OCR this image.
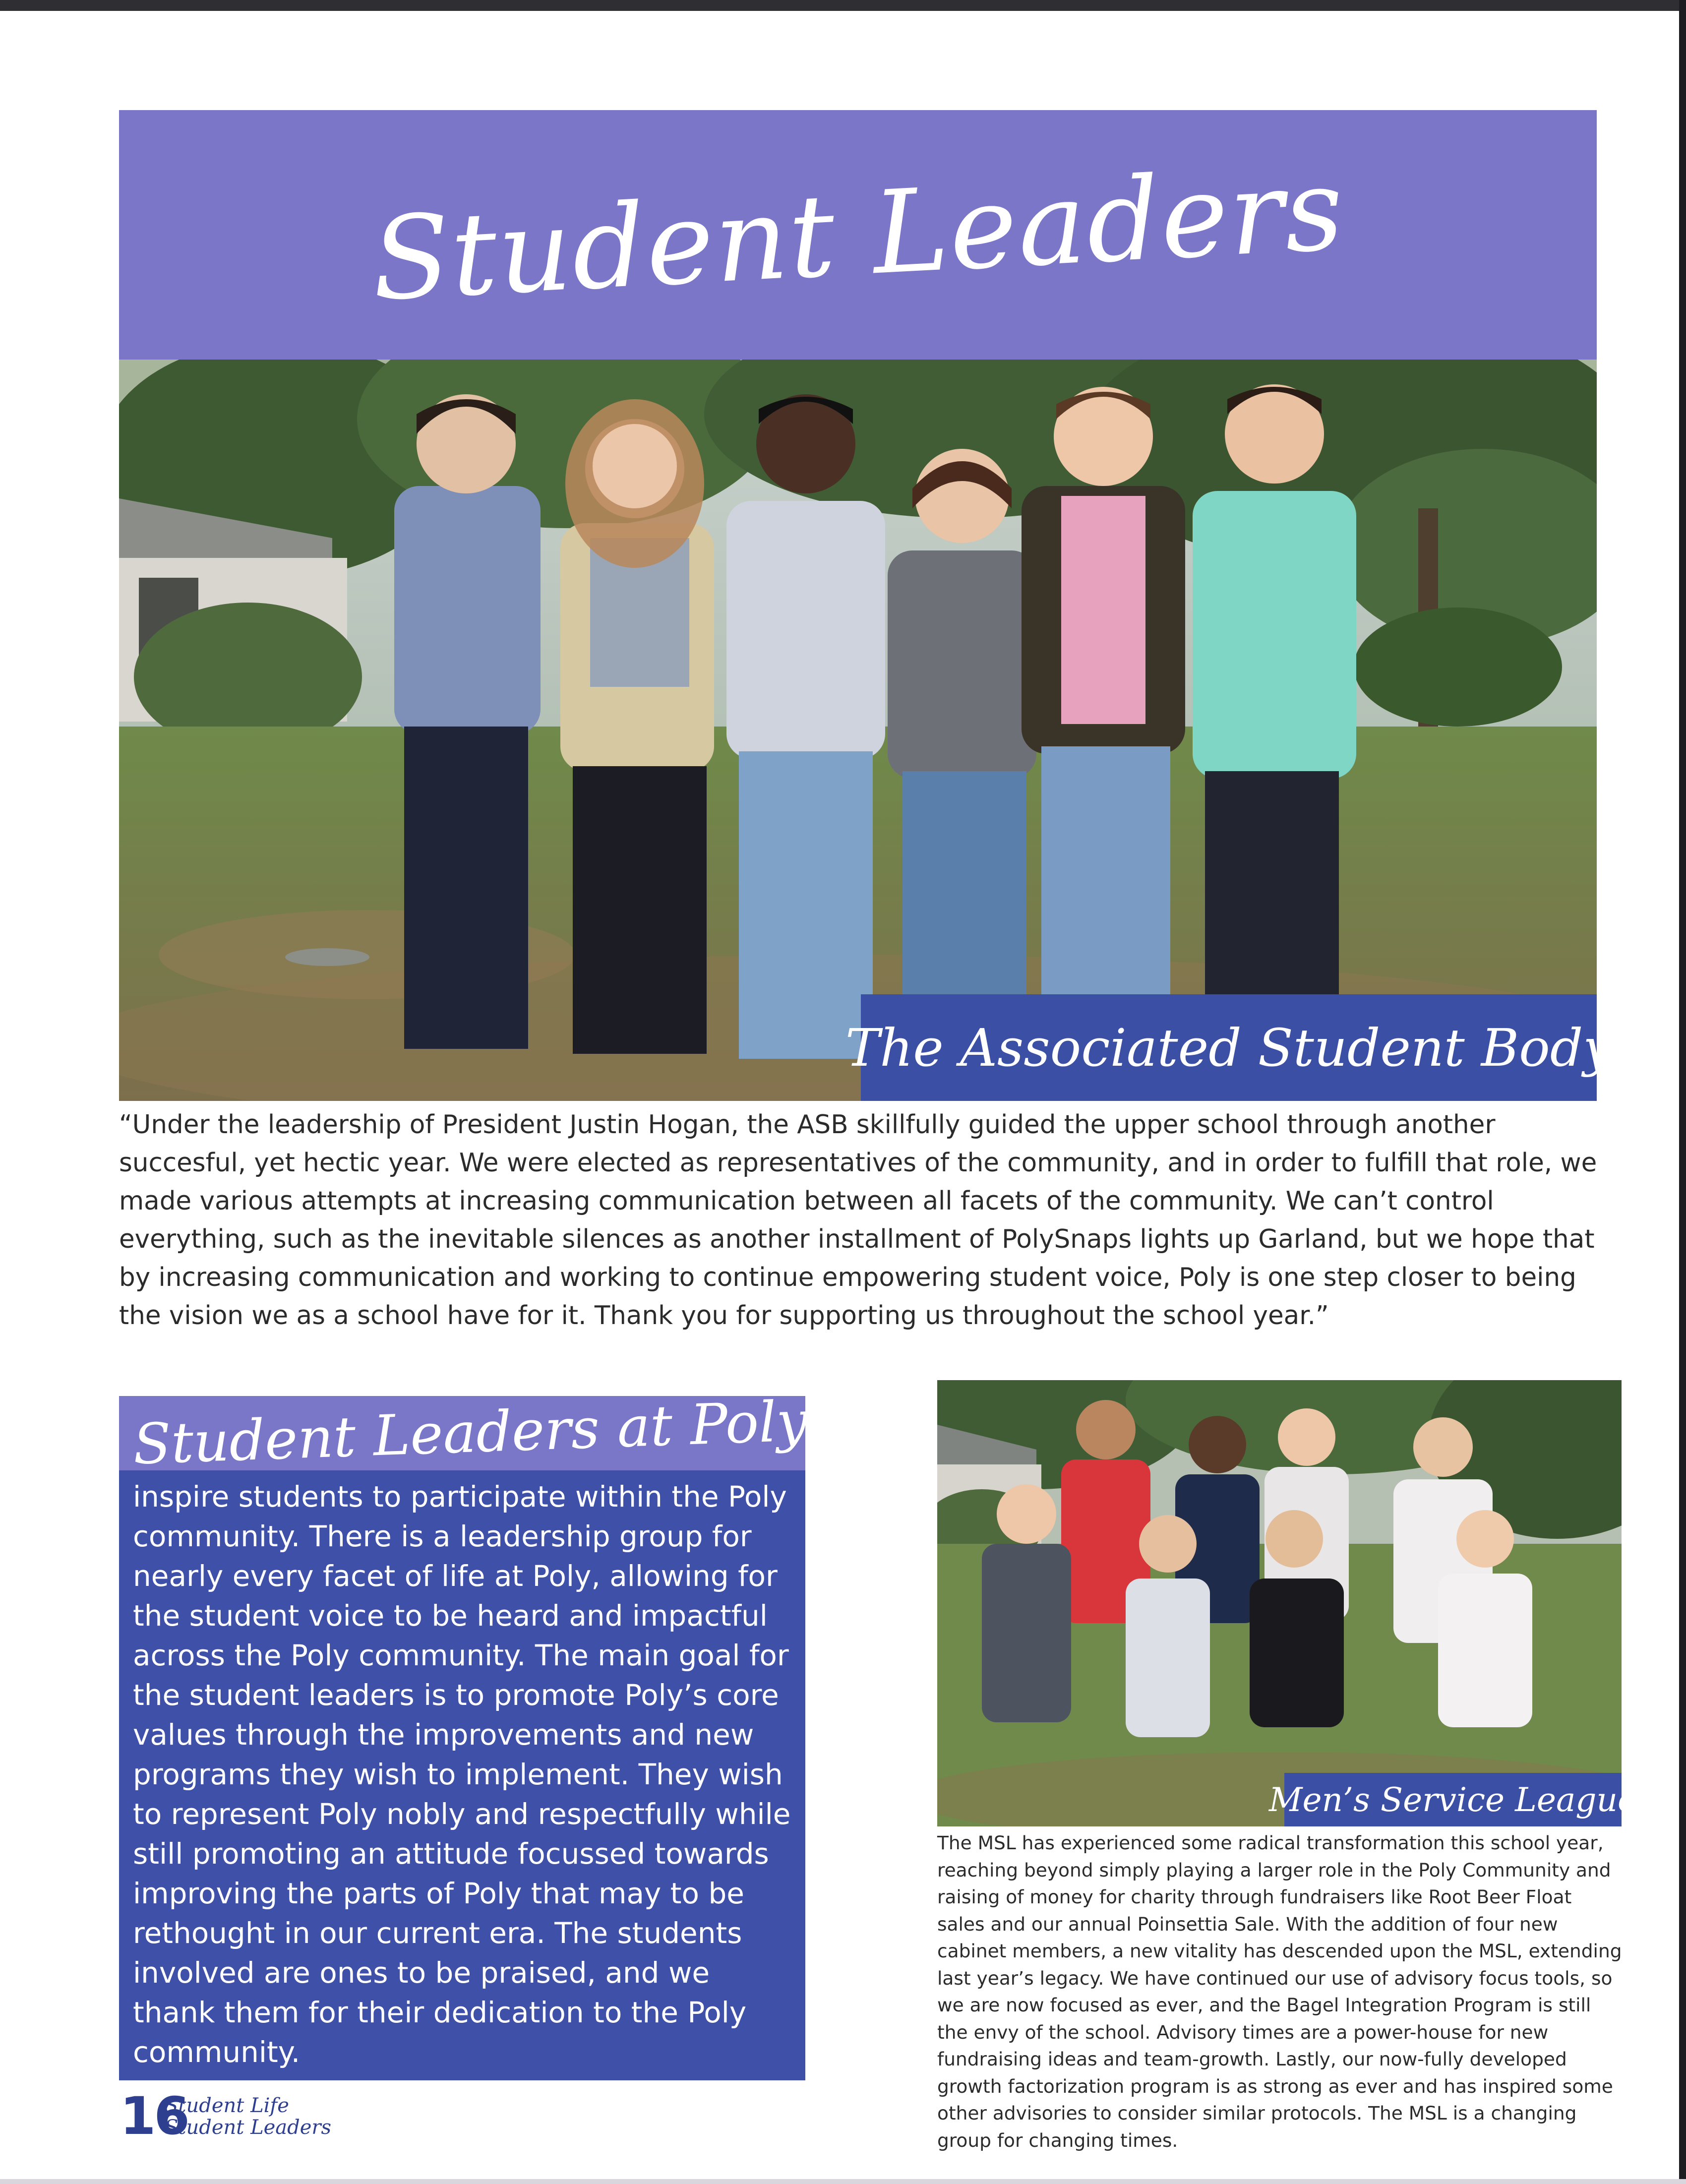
Student Leaders
The Associated Student Body
“Under the leadership of President Justin Hogan, the ASB skillfully guided the upper school through another succesful, yet hectic year. We were elected as representatives of the community, and in order to fulfill that role, we made various attempts at increasing communication between all facets of the community. We can’t control everything, such as the inevitable silences as another installment of PolySnaps lights up Garland, but we hope that by increasing communication and working to continue empowering student voice, Poly is one step closer to being the vision we as a school have for it. Thank you for supporting us throughout the school year.”
Student Leaders at Poly...
inspire students to participate within the Poly community. There is a leadership group for nearly every facet of life at Poly, allowing for the student voice to be heard and impactful across the Poly community. The main goal for the student leaders is to promote Poly’s core values through the improvements and new programs they wish to implement. They wish to represent Poly nobly and respectfully while still promoting an attitude focussed towards improving the parts of Poly that may to be rethought in our current era. The students involved are ones to be praised, and we thank them for their dedication to the Poly community.
Men’s Service League
The MSL has experienced some radical transformation this school year, reaching beyond simply playing a larger role in the Poly Community and raising of money for charity through fundraisers like Root Beer Float sales and our annual Poinsettia Sale. With the addition of four new cabinet members, a new vitality has descended upon the MSL, extending last year’s legacy. We have continued our use of advisory focus tools, so we are now focused as ever, and the Bagel Integration Program is still the envy of the school. Advisory times are a power-house for new fundraising ideas and team-growth. Lastly, our now-fully developed growth factorization program is as strong as ever and has inspired some other advisories to consider similar protocols. The MSL is a changing group for changing times.
16
Student Life
Student Leaders
